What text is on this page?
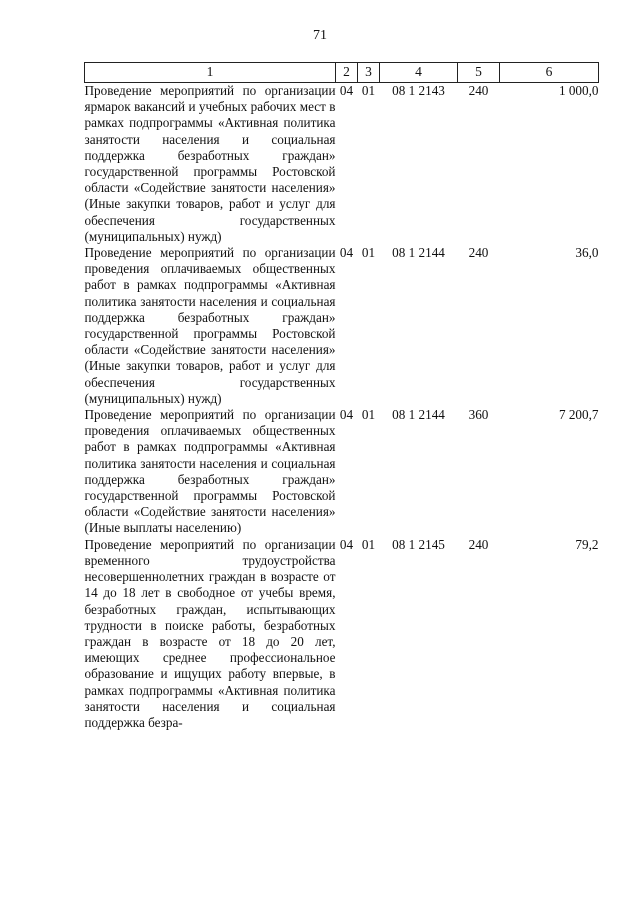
71
1	2	3	4	5	6
Проведение мероприятий по организации ярмарок вакансий и учебных рабочих мест в рамках подпрограммы «Активная политика занятости населения и социальная поддержка безработных граждан» государственной программы Ростовской области «Содействие занятости населения» (Иные закупки товаров, работ и услуг для обеспечения государственных (муниципальных) нужд)	04	01	08 1 2143	240	1 000,0
Проведение мероприятий по организации проведения оплачиваемых общественных работ в рамках подпрограммы «Активная политика занятости населения и социальная поддержка безработных граждан» государственной программы Ростовской области «Содействие занятости населения» (Иные закупки товаров, работ и услуг для обеспечения государственных (муниципальных) нужд)	04	01	08 1 2144	240	36,0
Проведение мероприятий по организации проведения оплачиваемых общественных работ в рамках подпрограммы «Активная политика занятости населения и социальная поддержка безработных граждан» государственной программы Ростовской области «Содействие занятости населения» (Иные выплаты населению)	04	01	08 1 2144	360	7 200,7
Проведение мероприятий по организации временного трудоустройства несовершеннолетних граждан в возрасте от 14 до 18 лет в свободное от учебы время, безработных граждан, испытывающих трудности в поиске работы, безработных граждан в возрасте от 18 до 20 лет, имеющих среднее профессиональное образование и ищущих работу впервые, в рамках подпрограммы «Активная политика занятости населения и социальная поддержка безра-	04	01	08 1 2145	240	79,2
